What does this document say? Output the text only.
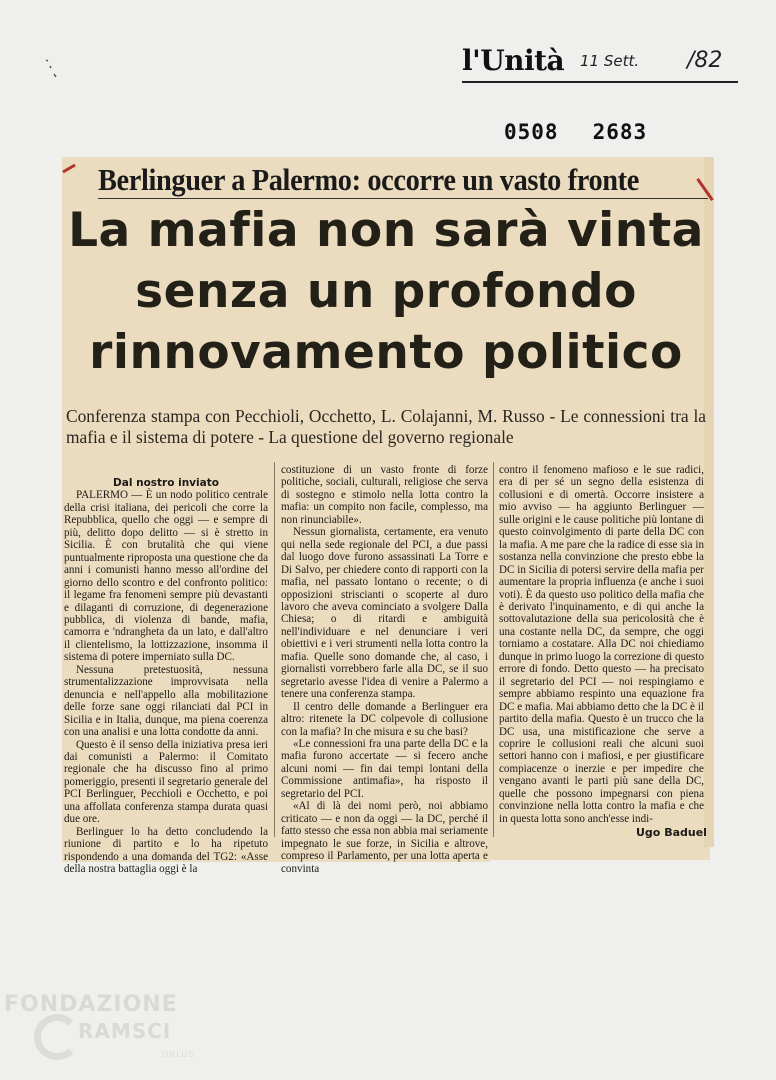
l'Unità 11 Sett. /82
0508 2683
Berlinguer a Palermo: occorre un vasto fronte
La mafia non sarà vinta
senza un profondo
rinnovamento politico
Conferenza stampa con Pecchioli, Occhetto, L. Colajanni, M. Russo - Le connessioni tra la mafia e il sistema di potere - La questione del governo regionale

Dal nostro inviato

PALERMO — È un nodo politico centrale della crisi italiana, dei pericoli che corre la Repubblica, quello che oggi — e sempre di più, delitto dopo delitto — si è stretto in Sicilia. È con brutalità che qui viene puntualmente riproposta una questione che da anni i comunisti hanno messo all'ordine del giorno dello scontro e del confronto politico: il legame fra fenomeni sempre più devastanti e dilaganti di corruzione, di degenerazione pubblica, di violenza di bande, mafia, camorra e 'ndrangheta da un lato, e dall'altro il clientelismo, la lottizzazione, insomma il sistema di potere imperniato sulla DC.

Nessuna pretestuosità, nessuna strumentalizzazione improvvisata nella denuncia e nell'appello alla mobilitazione delle forze sane oggi rilanciati dal PCI in Sicilia e in Italia, dunque, ma piena coerenza con una analisi e una lotta condotte da anni.

Questo è il senso della iniziativa presa ieri dai comunisti a Palermo: il Comitato regionale che ha discusso fino al primo pomeriggio, presenti il segretario generale del PCI Berlinguer, Pecchioli e Occhetto, e poi una affollata conferenza stampa durata quasi due ore.

Berlinguer lo ha detto concludendo la riunione di partito e lo ha ripetuto rispondendo a una domanda del TG2: «Asse della nostra battaglia oggi è la

costituzione di un vasto fronte di forze politiche, sociali, culturali, religiose che serva di sostegno e stimolo nella lotta contro la mafia: un compito non facile, complesso, ma non rinunciabile».

Nessun giornalista, certamente, era venuto qui nella sede regionale del PCI, a due passi dal luogo dove furono assassinati La Torre e Di Salvo, per chiedere conto di rapporti con la mafia, nel passato lontano o recente; o di opposizioni striscianti o scoperte al duro lavoro che aveva cominciato a svolgere Dalla Chiesa; o di ritardi e ambiguità nell'individuare e nel denunciare i veri obiettivi e i veri strumenti nella lotta contro la mafia. Quelle sono domande che, al caso, i giornalisti vorrebbero farle alla DC, se il suo segretario avesse l'idea di venire a Palermo a tenere una conferenza stampa.

Il centro delle domande a Berlinguer era altro: ritenete la DC colpevole di collusione con la mafia? In che misura e su che basi?

«Le connessioni fra una parte della DC e la mafia furono accertate — si fecero anche alcuni nomi — fin dai tempi lontani della Commissione antimafia», ha risposto il segretario del PCI.

«Al di là dei nomi però, noi abbiamo criticato — e non da oggi — la DC, perché il fatto stesso che essa non abbia mai seriamente impegnato le sue forze, in Sicilia e altrove, compreso il Parlamento, per una lotta aperta e convinta

contro il fenomeno mafioso e le sue radici, era di per sé un segno della esistenza di collusioni e di omertà. Occorre insistere a mio avviso — ha aggiunto Berlinguer — sulle origini e le cause politiche più lontane di questo coinvolgimento di parte della DC con la mafia. A me pare che la radice di esse sia in sostanza nella convinzione che presto ebbe la DC in Sicilia di potersi servire della mafia per aumentare la propria influenza (e anche i suoi voti). È da questo uso politico della mafia che è derivato l'inquinamento, e di qui anche la sottovalutazione della sua pericolosità che è una costante nella DC, da sempre, che oggi torniamo a costatare. Alla DC noi chiediamo dunque in primo luogo la correzione di questo errore di fondo. Detto questo — ha precisato il segretario del PCI — noi respingiamo e sempre abbiamo respinto una equazione fra DC e mafia. Mai abbiamo detto che la DC è il partito della mafia. Questo è un trucco che la DC usa, una mistificazione che serve a coprire le collusioni reali che alcuni suoi settori hanno con i mafiosi, e per giustificare compiacenze o inerzie e per impedire che vengano avanti le parti più sane della DC, quelle che possono impegnarsi con piena convinzione nella lotta contro la mafia e che in questa lotta sono anch'esse indi-

Ugo Baduel
FONDAZIONE
RAMSCI
ONLUS
